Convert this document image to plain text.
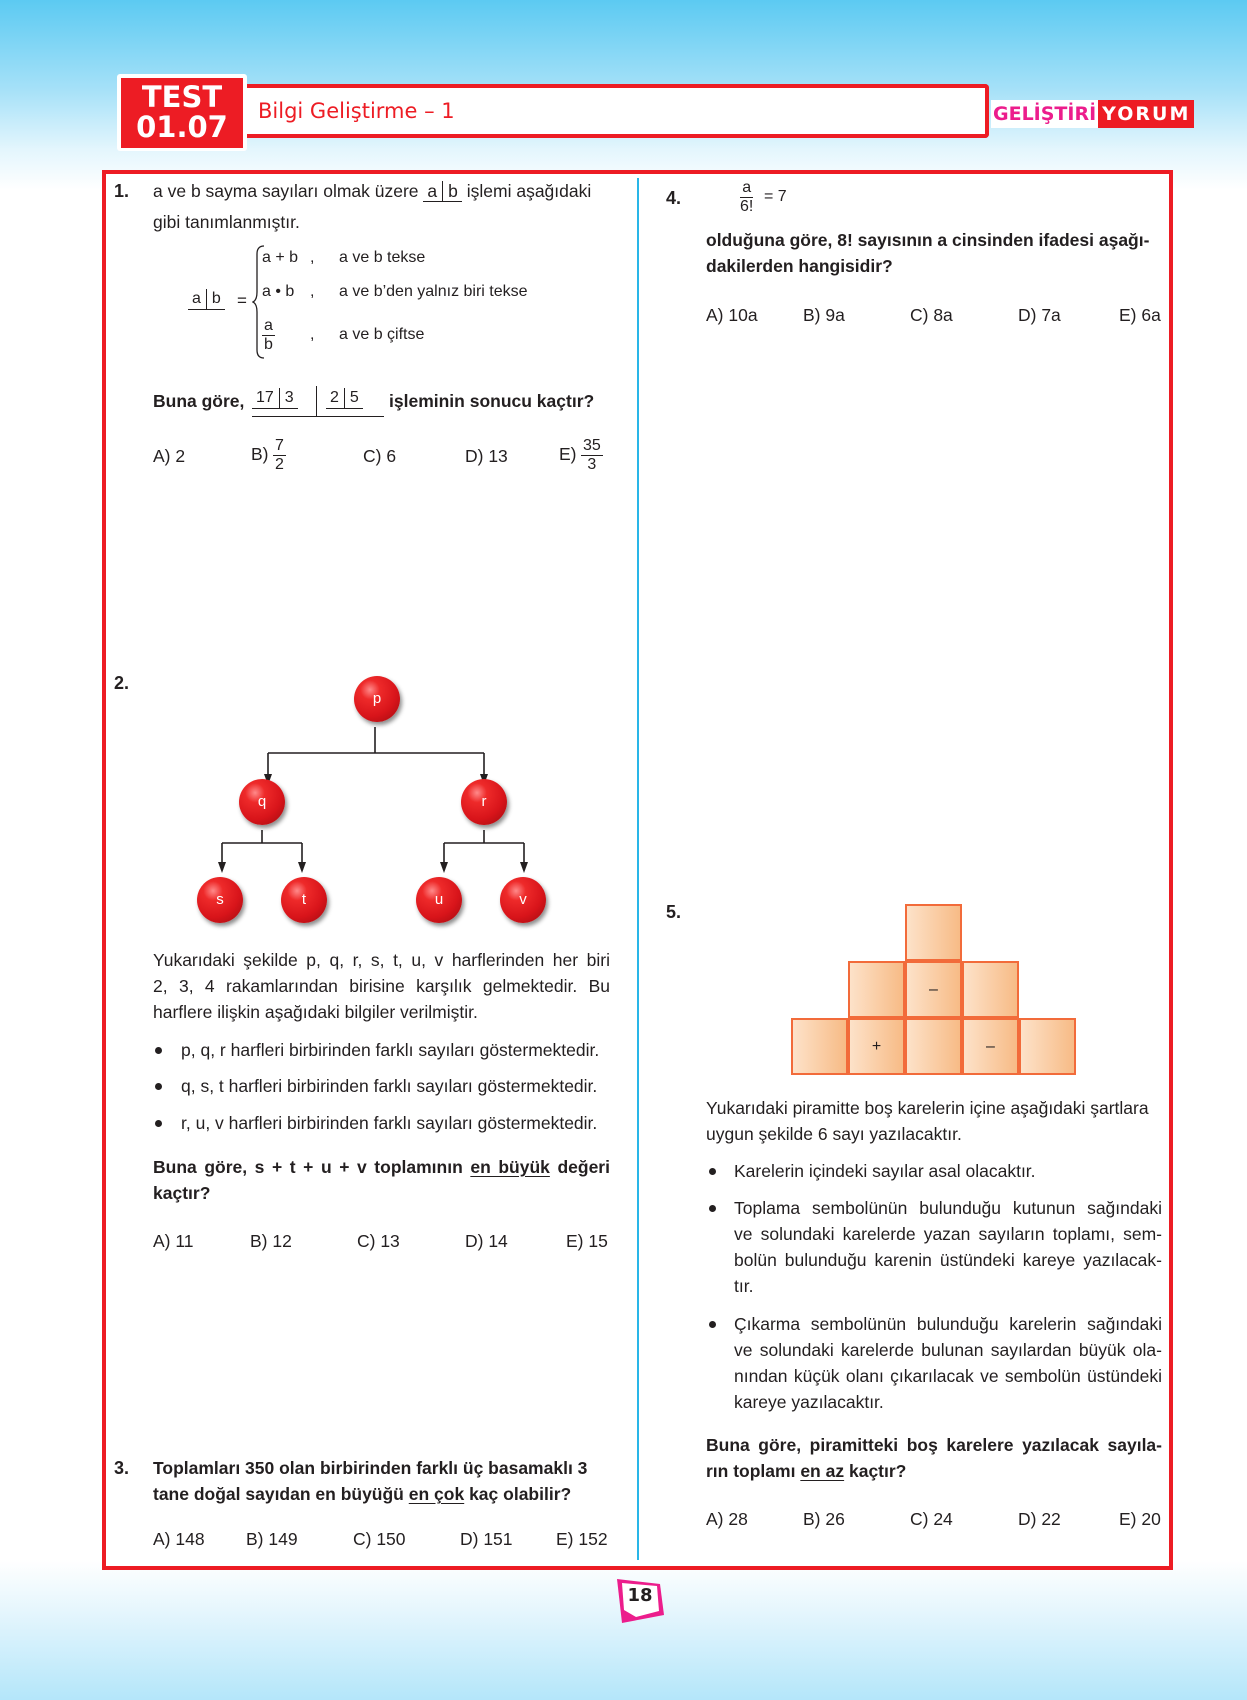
TEST
01.07	Bilgi Geliştirme – 1	GELİŞTİRİ YORUM
1. a ve b sayma sayıları olmak üzere a b işlemi aşağıdaki
gibi tanımlanmıştır.
a b =
a + b , a ve b tekse
a • b , a ve b’den yalnız biri tekse
$\frac{a}{b}$ , a ve b çiftse
Buna göre, 17 3 2 5 işleminin sonucu kaçtır?
A) 2	$B) \frac{7}{2}$	C) 6	D) 13	$E) \frac{35}{3}$
2.
p
q	r
s	t	u	v
Yukarıdaki şekilde p, q, r, s, t, u, v harflerinden her biri
2, 3, 4 rakamlarından birisine karşılık gelmektedir. Bu
harflere ilişkin aşağıdaki bilgiler verilmiştir.
p, q, r harfleri birbirinden farklı sayıları göstermektedir.
q, s, t harfleri birbirinden farklı sayıları göstermektedir.
r, u, v harfleri birbirinden farklı sayıları göstermektedir.
Buna göre, s + t + u + v toplamının en büyük değeri
kaçtır?
A) 11	B) 12	C) 13	D) 14	E) 15
3. Toplamları 350 olan birbirinden farklı üç basamaklı 3
tane doğal sayıdan en büyüğü en çok kaç olabilir?
A) 148 B) 149	C) 150	D) 151 E) 152
4.	$\frac{a}{6!} = 7$
olduğuna göre, 8! sayısının a cinsinden ifadesi aşağı-
dakilerden hangisidir?
A) 10a	B) 9a	C) 8a	D) 7a	E) 6a
5.
–
+	–
Yukarıdaki piramitte boş karelerin içine aşağıdaki şartlara
uygun şekilde 6 sayı yazılacaktır.
Karelerin içindeki sayılar asal olacaktır.
Toplama sembolünün bulunduğu kutunun sağındaki
ve solundaki karelerde yazan sayıların toplamı, sem-
bolün bulunduğu karenin üstündeki kareye yazılacak-
tır.
Çıkarma sembolünün bulunduğu karelerin sağındaki
ve solundaki karelerde bulunan sayılardan büyük ola-
nından küçük olanı çıkarılacak ve sembolün üstündeki
kareye yazılacaktır.
Buna göre, piramitteki boş karelere yazılacak sayıla-
rın toplamı en az kaçtır?
A) 28	B) 26	C) 24	D) 22	E) 20
18
